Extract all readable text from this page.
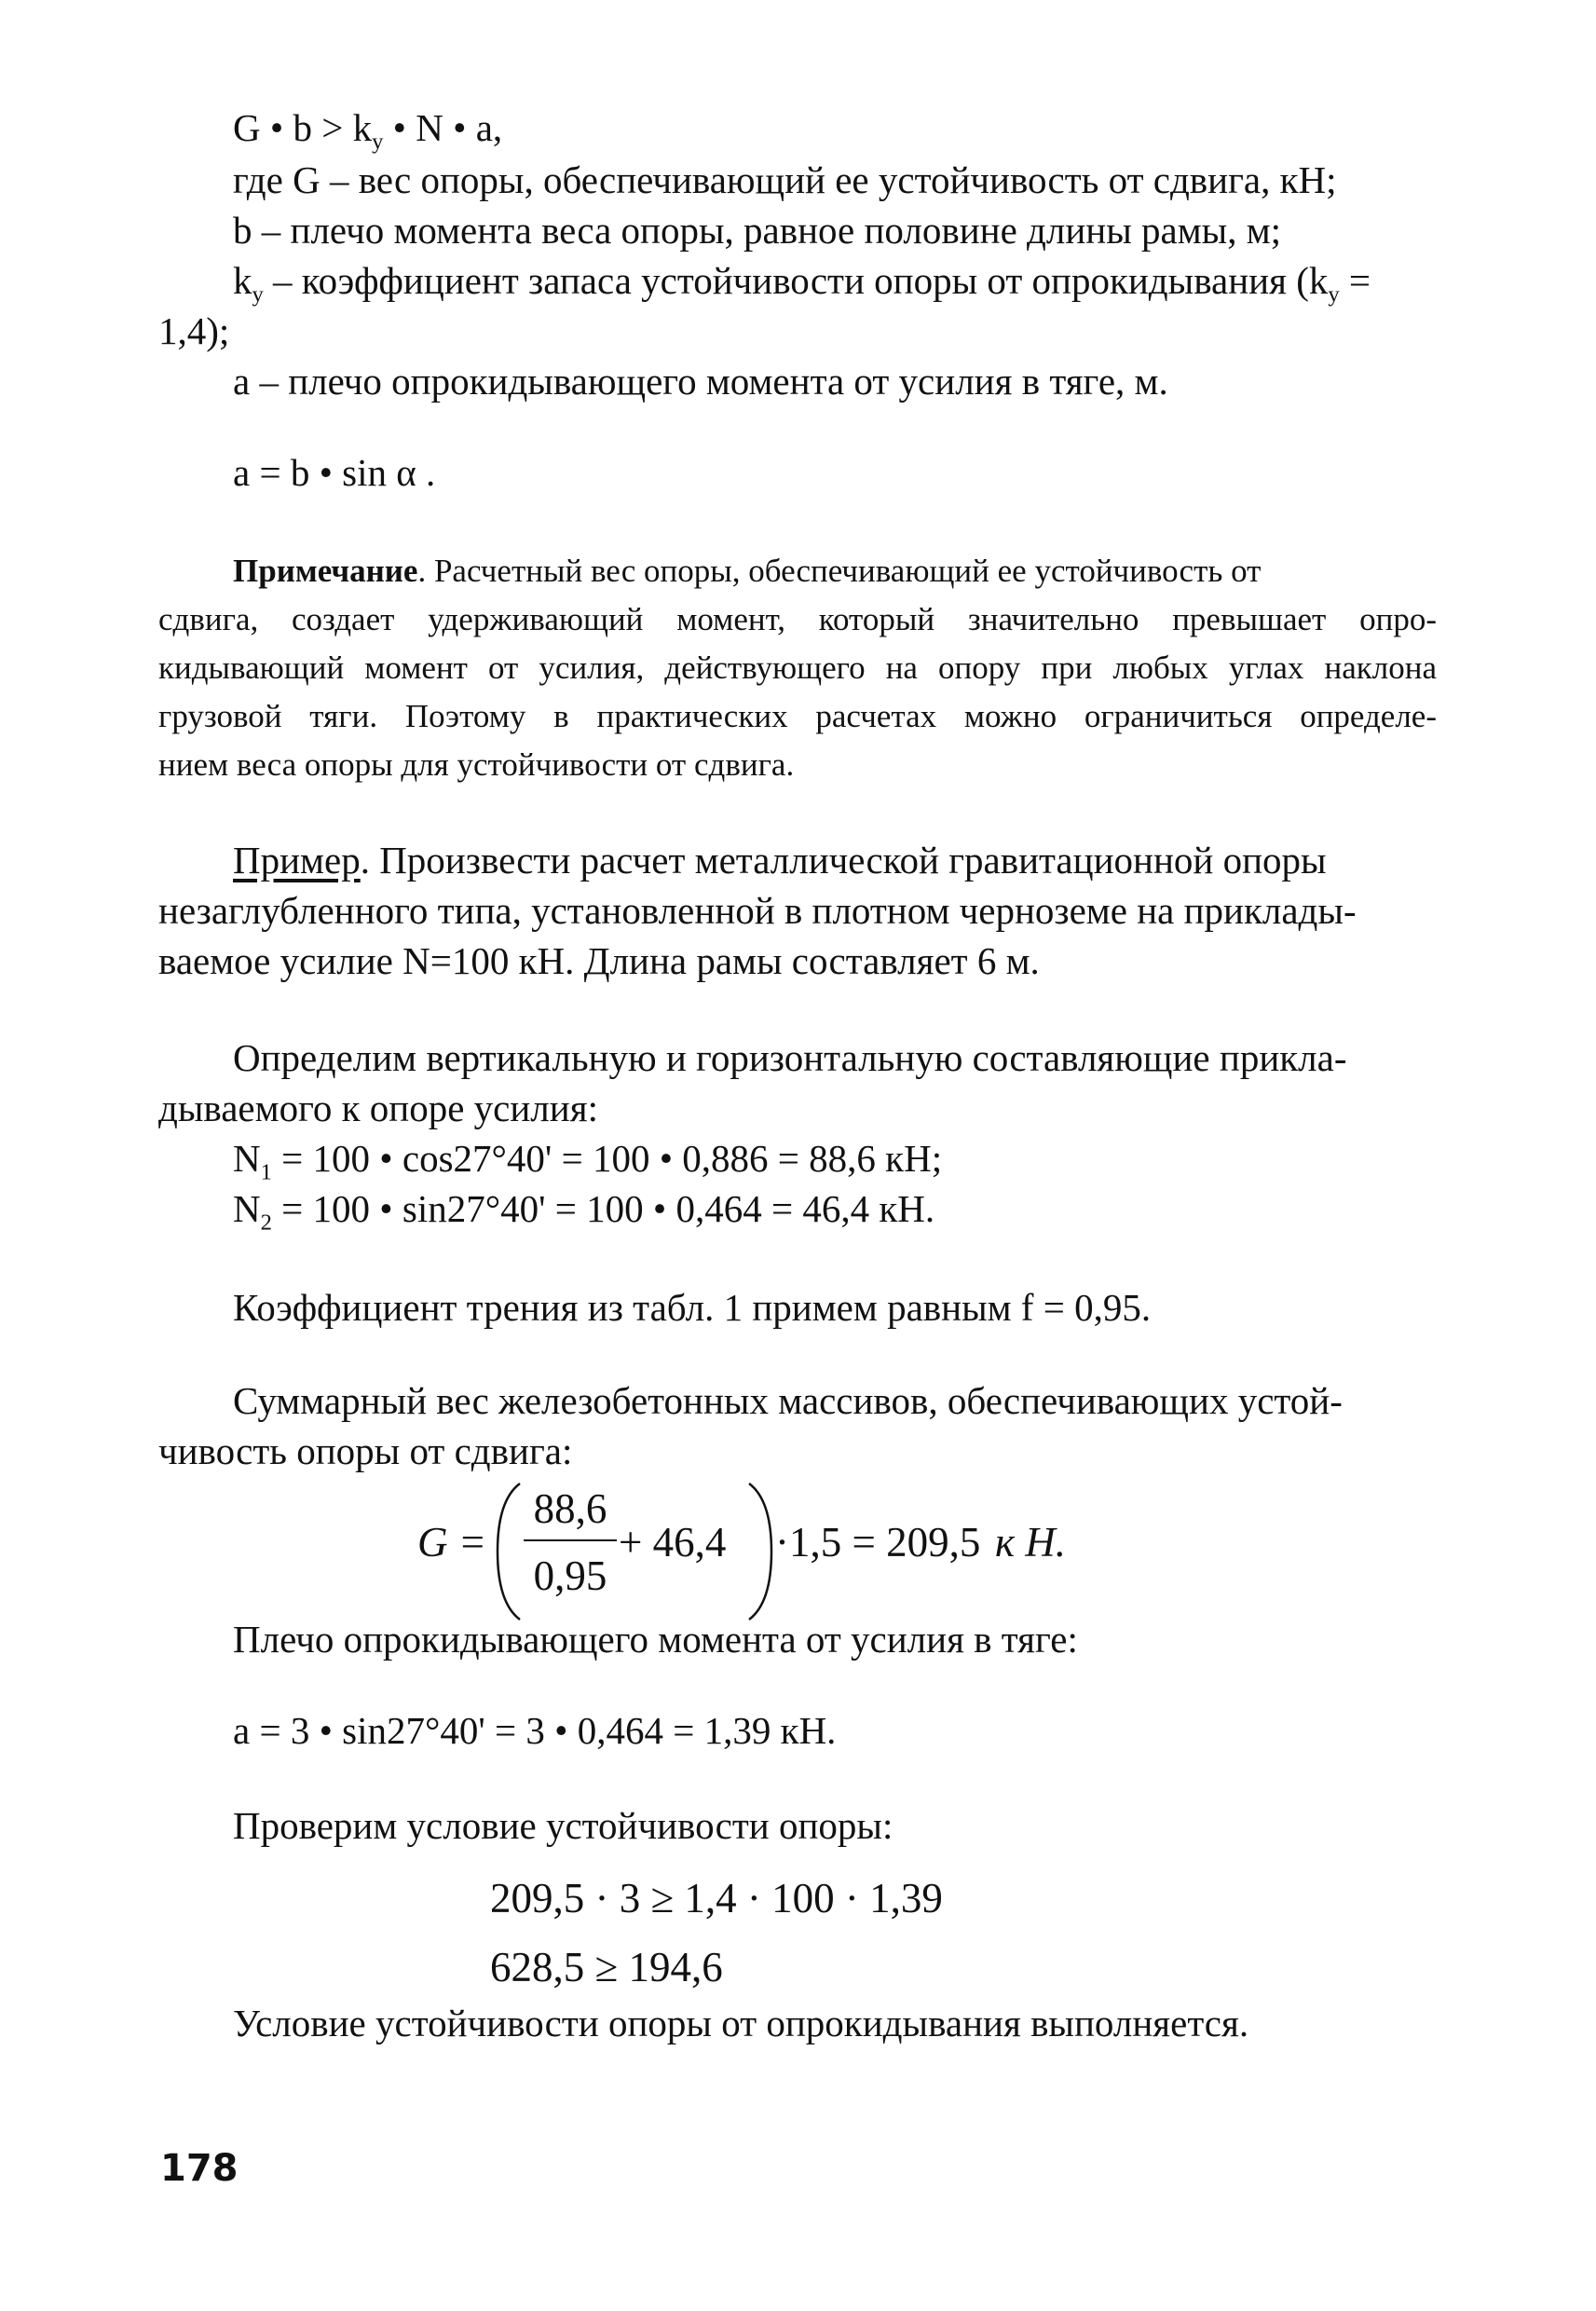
G • $b > k_y$ • N • a,
где G – вес опоры, обеспечивающий ее устойчивость от сдвига, кН;
b – плечо момента веса опоры, равное половине длины рамы, м;
$k_y$ – коэффициент запаса устойчивости опоры от опрокидывания ($k_y$ =
1,4);
a – плечо опрокидывающего момента от усилия в тяге, м.
a = b • sin α .
Примечание. Расчетный вес опоры, обеспечивающий ее устойчивость от
сдвига, создает удерживающий момент, который значительно превышает опро-
кидывающий момент от усилия, действующего на опору при любых углах наклона
грузовой тяги. Поэтому в практических расчетах можно ограничиться определе-
нием веса опоры для устойчивости от сдвига.
Пример. Произвести расчет металлической гравитационной опоры
незаглубленного типа, установленной в плотном черноземе на приклады-
ваемое усилие N=100 кН. Длина рамы составляет 6 м.
Определим вертикальную и горизонтальную составляющие прикла-
дываемого к опоре усилия:
$N_1 = 100$ • cos27°40' = 100 • 0,886 = 88,6 кН;
$N_2 = 100$ • sin27°40' = 100 • 0,464 = 46,4 кН.
Коэффициент трения из табл. 1 примем равным f = 0,95.
Суммарный вес железобетонных массивов, обеспечивающих устой-
чивость опоры от сдвига:
G =
88,6
0,95
+ 46,4 ·1,5 = 209,5 к Н.
Плечо опрокидывающего момента от усилия в тяге:
a = 3 • sin27°40' = 3 • 0,464 = 1,39 кН.
Проверим условие устойчивости опоры:
209,5 · 3 ≥ 1,4 · 100 · 1,39
628,5 ≥ 194,6
Условие устойчивости опоры от опрокидывания выполняется.
178
